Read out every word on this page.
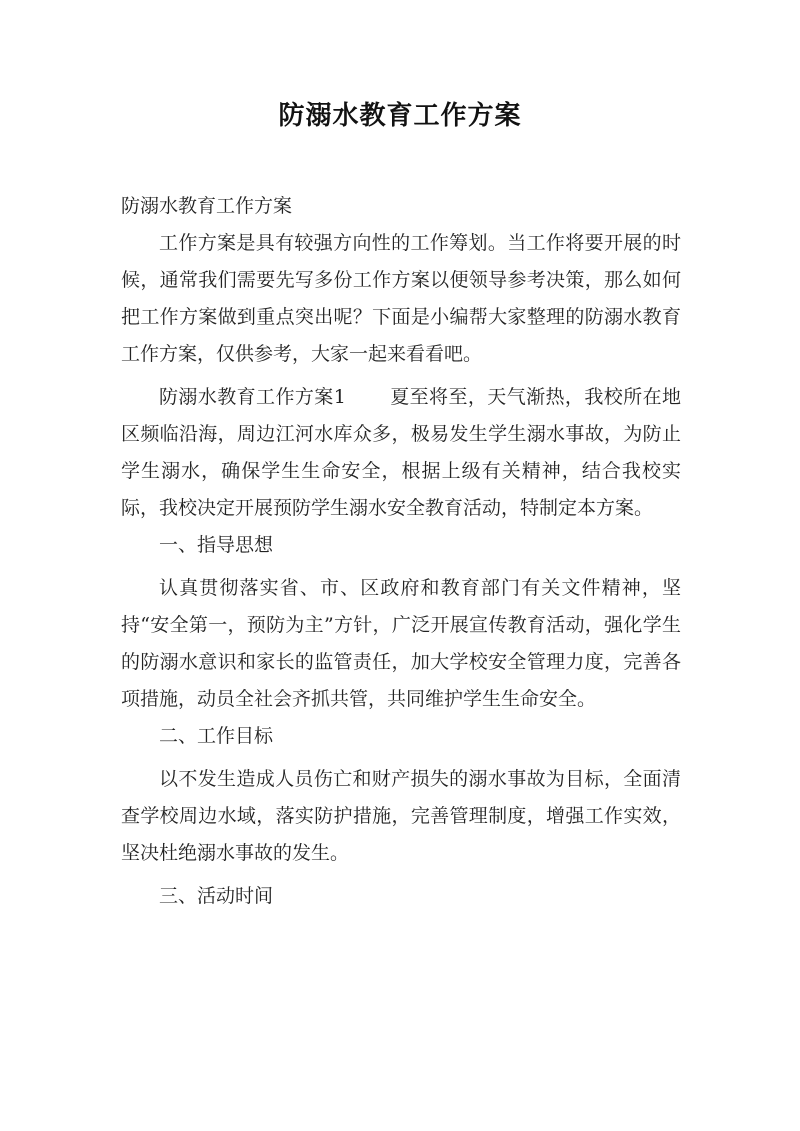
防溺水教育工作方案

防溺水教育工作方案

工作方案是具有较强方向性的工作筹划。当工作将要开展的时候，通常我们需要先写多份工作方案以便领导参考决策，那么如何把工作方案做到重点突出呢？下面是小编帮大家整理的防溺水教育工作方案，仅供参考，大家一起来看看吧。

防溺水教育工作方案1 夏至将至，天气渐热，我校所在地区频临沿海，周边江河水库众多，极易发生学生溺水事故，为防止学生溺水，确保学生生命安全，根据上级有关精神，结合我校实际，我校决定开展预防学生溺水安全教育活动，特制定本方案。

一、指导思想

认真贯彻落实省、市、区政府和教育部门有关文件精神，坚持“安全第一，预防为主”方针，广泛开展宣传教育活动，强化学生的防溺水意识和家长的监管责任，加大学校安全管理力度，完善各项措施，动员全社会齐抓共管，共同维护学生生命安全。

二、工作目标

以不发生造成人员伤亡和财产损失的溺水事故为目标，全面清查学校周边水域，落实防护措施，完善管理制度，增强工作实效，坚决杜绝溺水事故的发生。

三、活动时间
